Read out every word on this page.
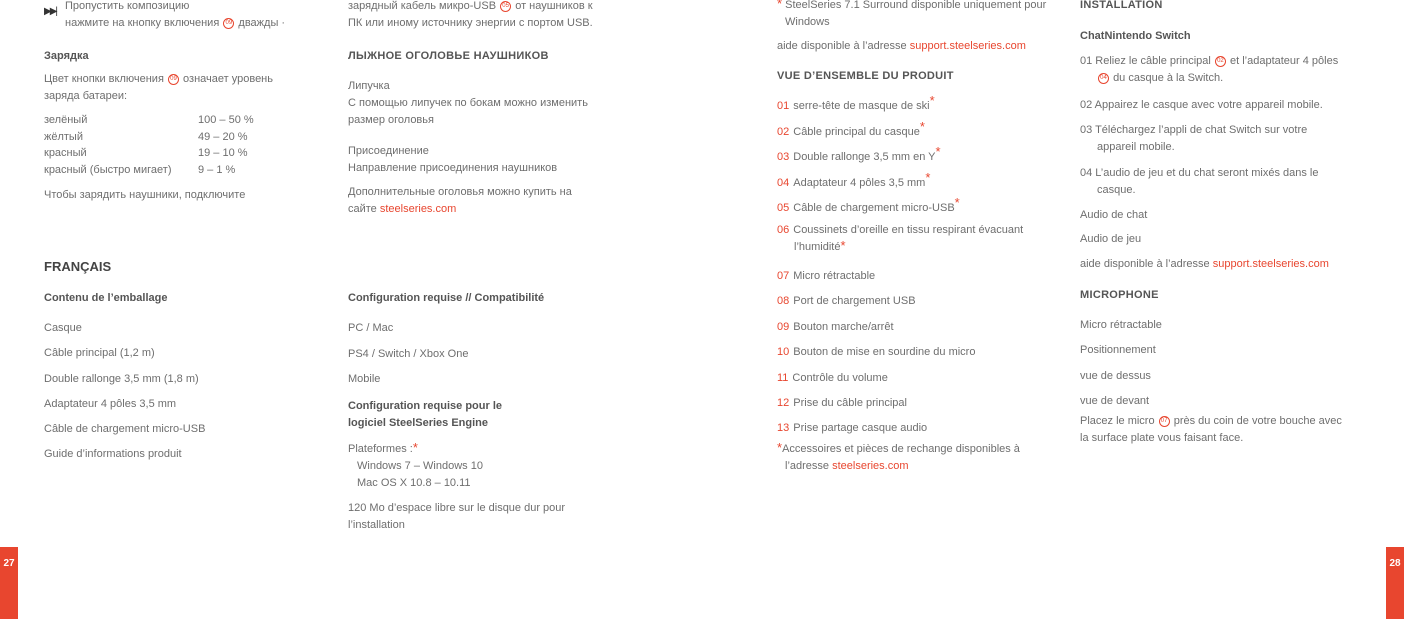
▶▶| Пропустить композицию
нажмите на кнопку включения 09 дважды ·
Зарядка
Цвет кнопки включения 09 означает уровень
заряда батареи:
зелёный	100 – 50 %
жёлтый	49 – 20 %
красный	19 – 10 %
красный (быстро мигает)	9 – 1 %
Чтобы зарядить наушники, подключите
зарядный кабель микро-USB 05 от наушников к
ПК или иному источнику энергии с портом USB.
ЛЫЖНОЕ ОГОЛОВЬЕ НАУШНИКОВ
Липучка
С помощью липучек по бокам можно изменить
размер оголовья
Присоединение
Направление присоединения наушников
Дополнительные оголовья можно купить на
сайте steelseries.com
FRANÇAIS
Contenu de l’emballage
Casque
Câble principal (1,2 m)
Double rallonge 3,5 mm (1,8 m)
Adaptateur 4 pôles 3,5 mm
Câble de chargement micro-USB
Guide d’informations produit
Configuration requise // Compatibilité
PC / Mac
PS4 / Switch / Xbox One
Mobile
Configuration requise pour le
logiciel SteelSeries Engine
Plateformes :*
Windows 7 – Windows 10
Mac OS X 10.8 – 10.11
120 Mo d’espace libre sur le disque dur pour
l’installation
* SteelSeries 7.1 Surround disponible uniquement pour
Windows
aide disponible à l’adresse support.steelseries.com
VUE D’ENSEMBLE DU PRODUIT
01 serre-tête de masque de ski*
02 Câble principal du casque*
03 Double rallonge 3,5 mm en Y*
04 Adaptateur 4 pôles 3,5 mm*
05 Câble de chargement micro-USB*
06 Coussinets d’oreille en tissu respirant évacuant
l’humidité*
07 Micro rétractable
08 Port de chargement USB
09 Bouton marche/arrêt
10 Bouton de mise en sourdine du micro
11 Contrôle du volume
12 Prise du câble principal
13 Prise partage casque audio
*Accessoires et pièces de rechange disponibles à
l’adresse steelseries.com
INSTALLATION
ChatNintendo Switch
01 Reliez le câble principal 02 et l’adaptateur 4 pôles
04 du casque à la Switch.
02 Appairez le casque avec votre appareil mobile.
03 Téléchargez l’appli de chat Switch sur votre
appareil mobile.
04 L’audio de jeu et du chat seront mixés dans le
casque.
Audio de chat
Audio de jeu
aide disponible à l’adresse support.steelseries.com
MICROPHONE
Micro rétractable
Positionnement
vue de dessus
vue de devant
Placez le micro 07 près du coin de votre bouche avec
la surface plate vous faisant face.
27	28
